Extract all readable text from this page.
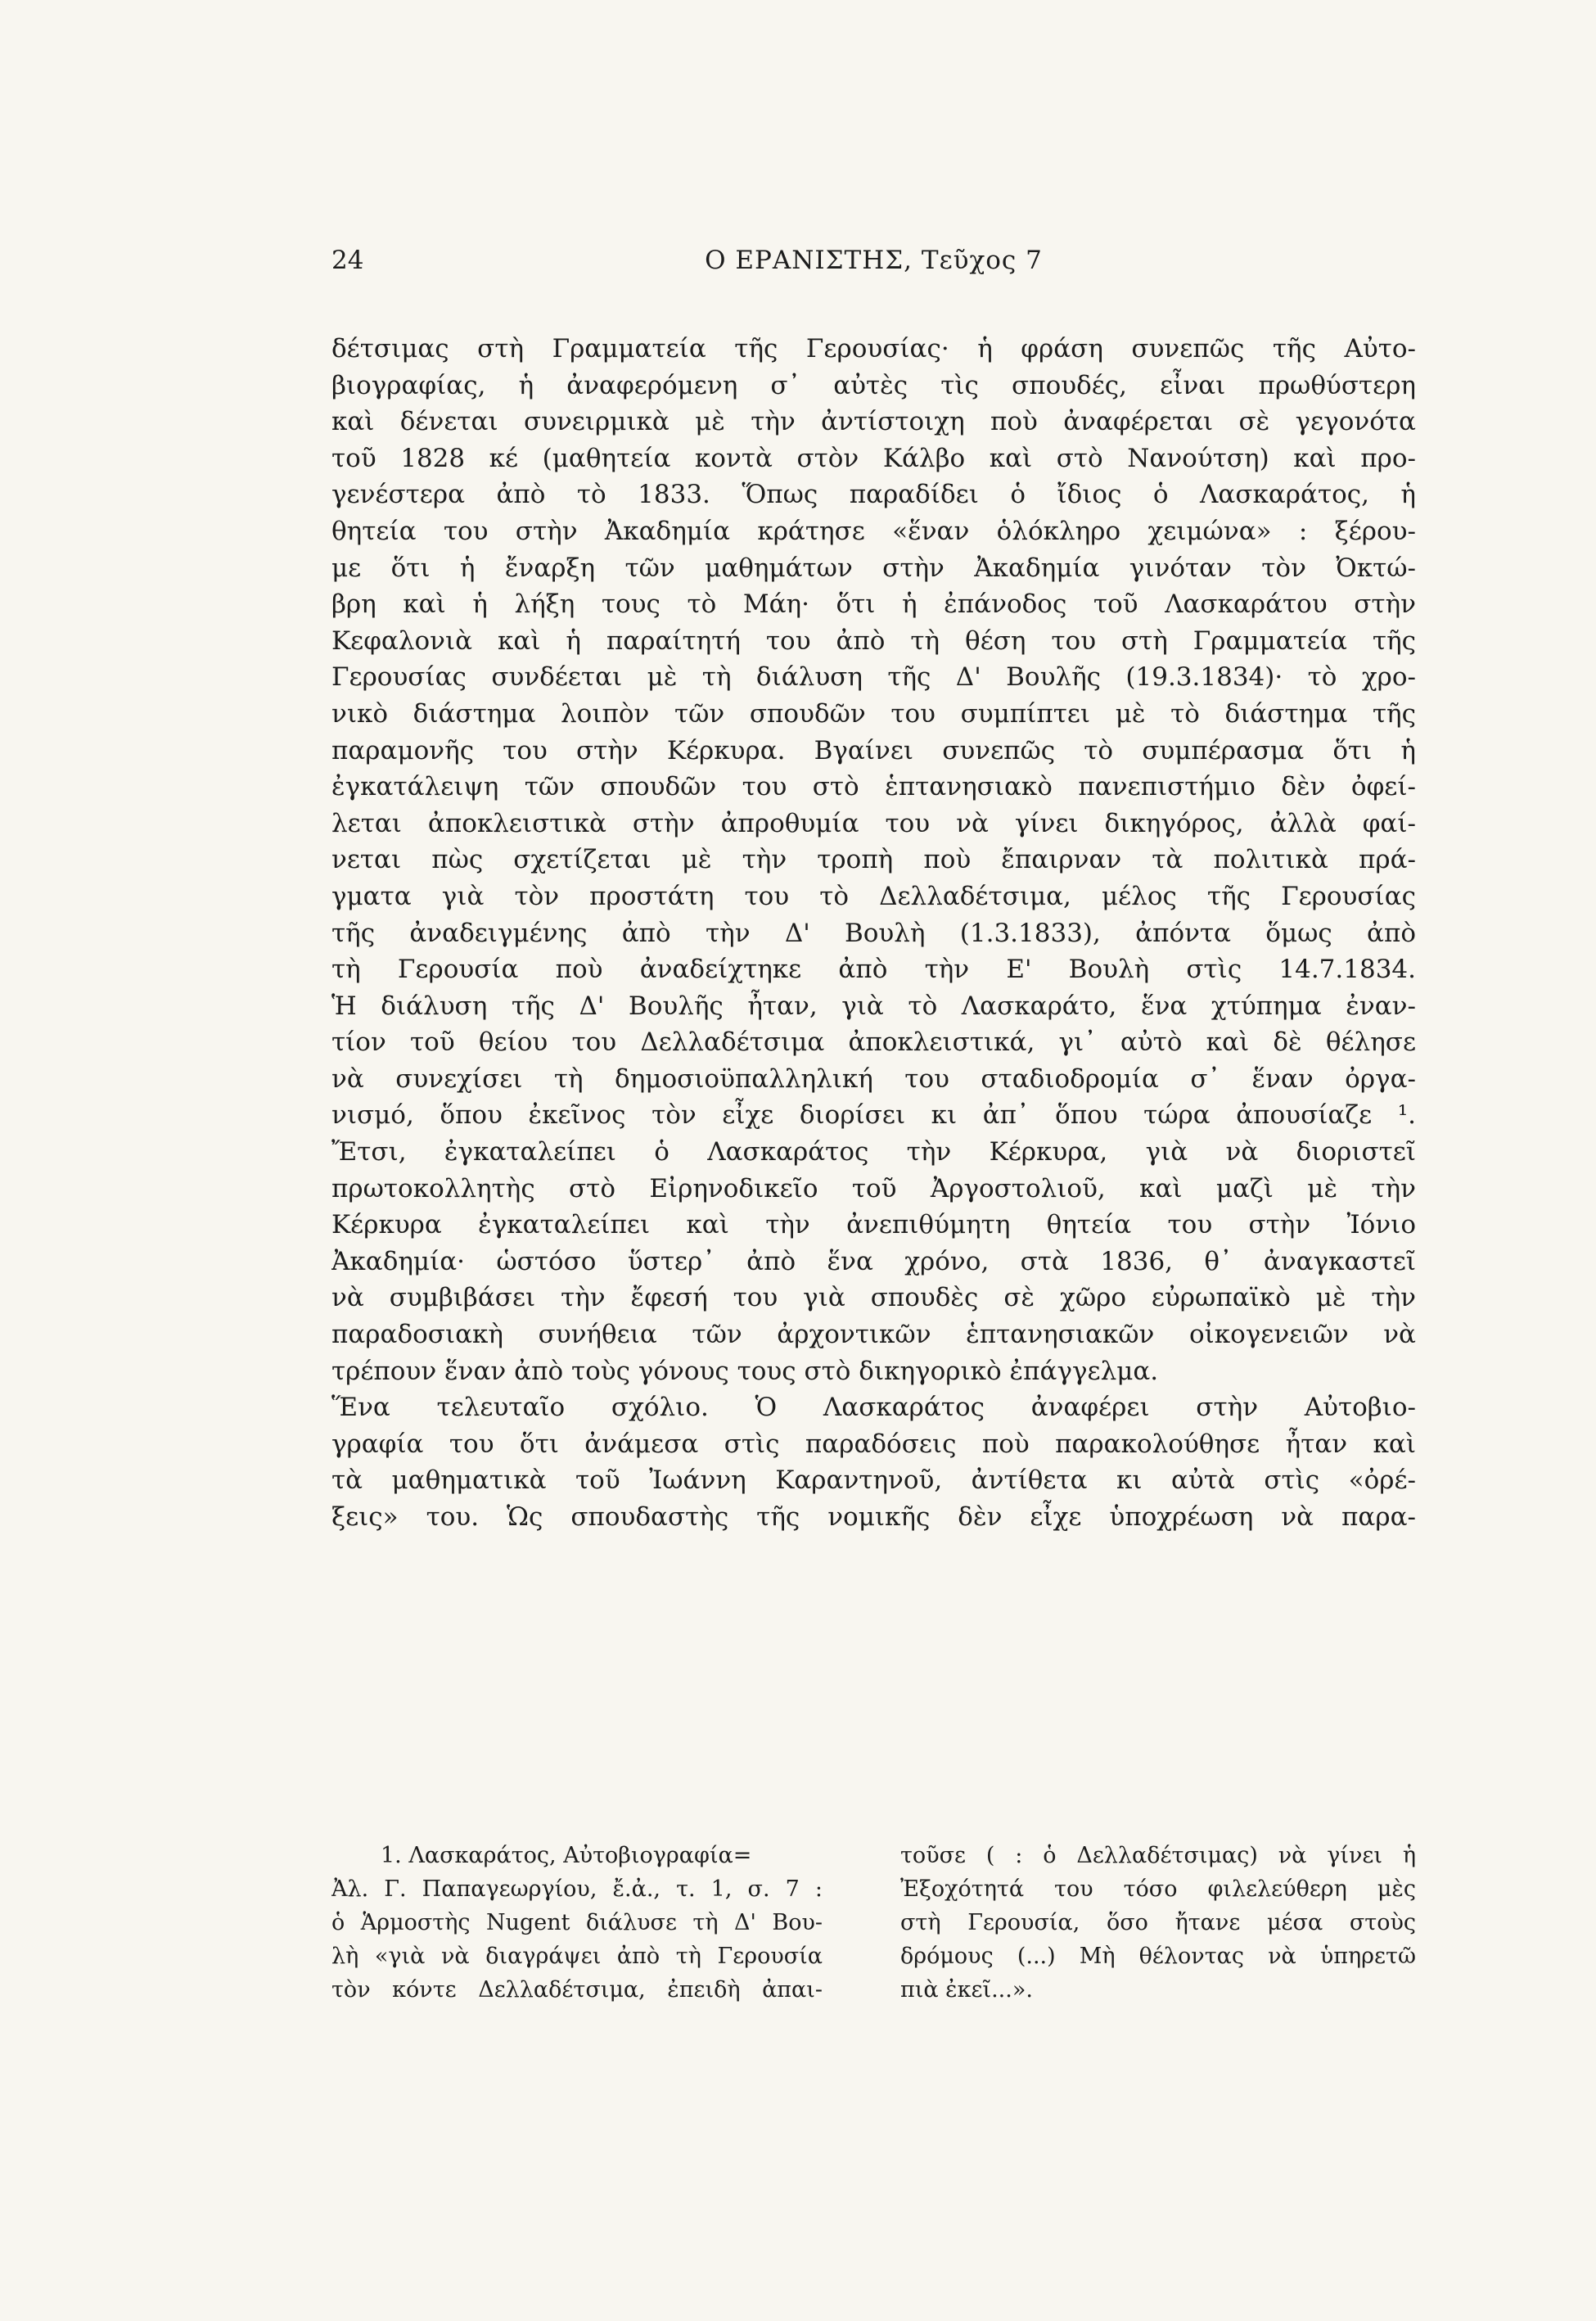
24	Ο ΕΡΑΝΙΣΤΗΣ, Τεῦχος 7
δέτσιμας στὴ Γραμματεία τῆς Γερουσίας· ἡ φράση συνεπῶς τῆς Αὐτο-
βιογραφίας, ἡ ἀναφερόμενη σ᾿ αὐτὲς τὶς σπουδές, εἶναι πρωθύστερη
καὶ δένεται συνειρμικὰ μὲ τὴν ἀντίστοιχη ποὺ ἀναφέρεται σὲ γεγονότα
τοῦ 1828 κέ (μαθητεία κοντὰ στὸν Κάλβο καὶ στὸ Νανούτση) καὶ προ-
γενέστερα ἀπὸ τὸ 1833. Ὅπως παραδίδει ὁ ἴδιος ὁ Λασκαράτος, ἡ
θητεία του στὴν Ἀκαδημία κράτησε «ἕναν ὁλόκληρο χειμώνα» : ξέρου-
με ὅτι ἡ ἔναρξη τῶν μαθημάτων στὴν Ἀκαδημία γινόταν τὸν Ὀκτώ-
βρη καὶ ἡ λήξη τους τὸ Μάη· ὅτι ἡ ἐπάνοδος τοῦ Λασκαράτου στὴν
Κεφαλονιὰ καὶ ἡ παραίτητή του ἀπὸ τὴ θέση του στὴ Γραμματεία τῆς
Γερουσίας συνδέεται μὲ τὴ διάλυση τῆς Δ' Βουλῆς (19.3.1834)· τὸ χρο-
νικὸ διάστημα λοιπὸν τῶν σπουδῶν του συμπίπτει μὲ τὸ διάστημα τῆς
παραμονῆς του στὴν Κέρκυρα. Βγαίνει συνεπῶς τὸ συμπέρασμα ὅτι ἡ
ἐγκατάλειψη τῶν σπουδῶν του στὸ ἑπτανησιακὸ πανεπιστήμιο δὲν ὀφεί-
λεται ἀποκλειστικὰ στὴν ἀπροθυμία του νὰ γίνει δικηγόρος, ἀλλὰ φαί-
νεται πὼς σχετίζεται μὲ τὴν τροπὴ ποὺ ἔπαιρναν τὰ πολιτικὰ πρά-
γματα γιὰ τὸν προστάτη του τὸ Δελλαδέτσιμα, μέλος τῆς Γερουσίας
τῆς ἀναδειγμένης ἀπὸ τὴν Δ' Βουλὴ (1.3.1833), ἀπόντα ὅμως ἀπὸ
τὴ Γερουσία ποὺ ἀναδείχτηκε ἀπὸ τὴν Ε' Βουλὴ στὶς 14.7.1834.
Ἡ διάλυση τῆς Δ' Βουλῆς ἦταν, γιὰ τὸ Λασκαράτο, ἕνα χτύπημα ἐναν-
τίον τοῦ θείου του Δελλαδέτσιμα ἀποκλειστικά, γι᾿ αὐτὸ καὶ δὲ θέλησε
νὰ συνεχίσει τὴ δημοσιοϋπαλληλική του σταδιοδρομία σ᾿ ἕναν ὀργα-
νισμό, ὅπου ἐκεῖνος τὸν εἶχε διορίσει κι ἀπ᾿ ὅπου τώρα ἀπουσίαζε ¹.
Ἔτσι, ἐγκαταλείπει ὁ Λασκαράτος τὴν Κέρκυρα, γιὰ νὰ διοριστεῖ
πρωτοκολλητὴς στὸ Εἰρηνοδικεῖο τοῦ Ἀργοστολιοῦ, καὶ μαζὶ μὲ τὴν
Κέρκυρα ἐγκαταλείπει καὶ τὴν ἀνεπιθύμητη θητεία του στὴν Ἰόνιο
Ἀκαδημία· ὡστόσο ὕστερ᾿ ἀπὸ ἕνα χρόνο, στὰ 1836, θ᾿ ἀναγκαστεῖ
νὰ συμβιβάσει τὴν ἔφεσή του γιὰ σπουδὲς σὲ χῶρο εὐρωπαϊκὸ μὲ τὴν
παραδοσιακὴ συνήθεια τῶν ἀρχοντικῶν ἑπτανησιακῶν οἰκογενειῶν νὰ
τρέπουν ἕναν ἀπὸ τοὺς γόνους τους στὸ δικηγορικὸ ἐπάγγελμα.
Ἕνα τελευταῖο σχόλιο. Ὁ Λασκαράτος ἀναφέρει στὴν Αὐτοβιο-
γραφία του ὅτι ἀνάμεσα στὶς παραδόσεις ποὺ παρακολούθησε ἦταν καὶ
τὰ μαθηματικὰ τοῦ Ἰωάννη Καραντηνοῦ, ἀντίθετα κι αὐτὰ στὶς «ὀρέ-
ξεις» του. Ὡς σπουδαστὴς τῆς νομικῆς δὲν εἶχε ὑποχρέωση νὰ παρα-
1. Λασκαράτος, Αὐτοβιογραφία=
Ἀλ. Γ. Παπαγεωργίου, ἔ.ἀ., τ. 1, σ. 7 :
ὁ Ἁρμοστὴς Nugent διάλυσε τὴ Δ' Βου-
λὴ «γιὰ νὰ διαγράψει ἀπὸ τὴ Γερουσία
τὸν κόντε Δελλαδέτσιμα, ἐπειδὴ ἀπαι-
τοῦσε ( : ὁ Δελλαδέτσιμας) νὰ γίνει ἡ
Ἐξοχότητά του τόσο φιλελεύθερη μὲς
στὴ Γερουσία, ὅσο ἤτανε μέσα στοὺς
δρόμους (...) Μὴ θέλοντας νὰ ὑπηρετῶ
πιὰ ἐκεῖ...».
